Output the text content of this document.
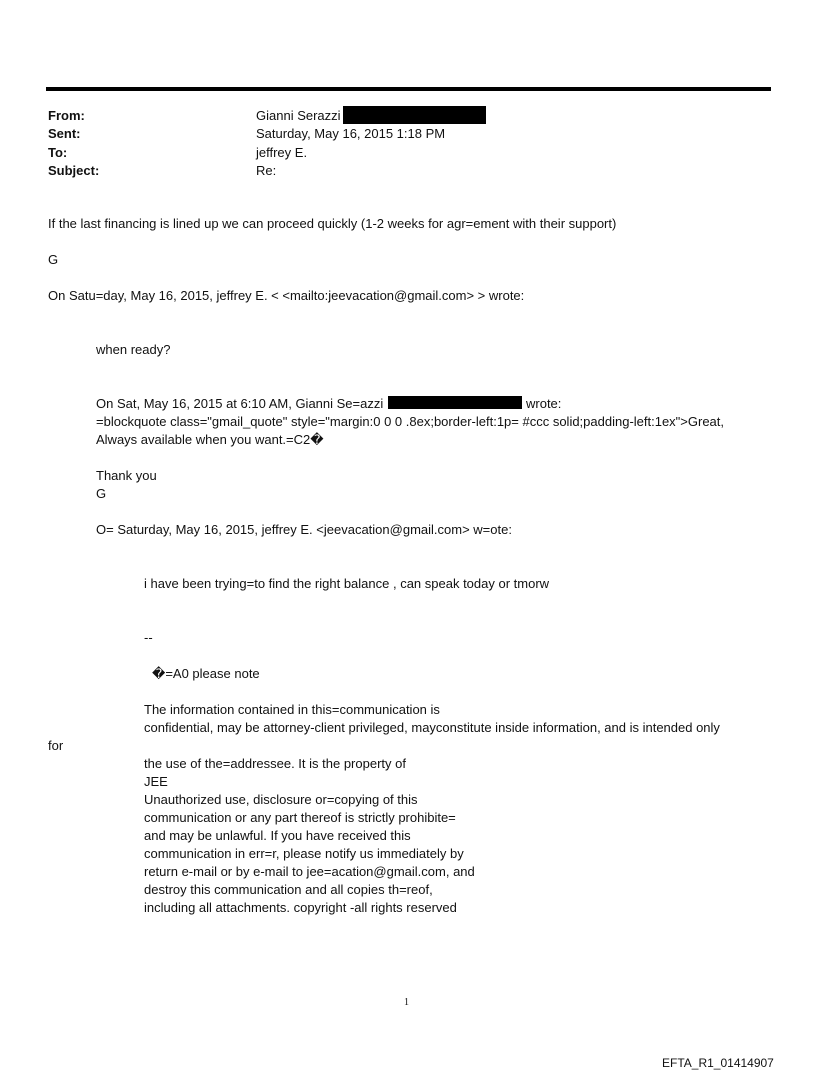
From:	Gianni Serazzi
Sent:	Saturday, May 16, 2015 1:18 PM
To:	jeffrey E.
Subject:	Re:
If the last financing is lined up we can proceed quickly (1-2 weeks for agr=ement with their support)
G
On Satu=day, May 16, 2015, jeffrey E. < <mailto:jeevacation@gmail.com> > wrote:
when ready?
On Sat, May 16, 2015 at 6:10 AM, Gianni Se=azzi	wrote:
=blockquote class="gmail_quote" style="margin:0 0 0 .8ex;border-left:1p= #ccc solid;padding-left:1ex">Great,
Always available when you want.=C2�
Thank you
G
O= Saturday, May 16, 2015, jeffrey E. <jeevacation@gmail.com> w=ote:
i have been trying=to find the right balance , can speak today or tmorw
--
�=A0 please note
The information contained in this=communication is
confidential, may be attorney-client privileged, mayconstitute inside information, and is intended only
for
the use of the=addressee. It is the property of
JEE
Unauthorized use, disclosure or=copying of this
communication or any part thereof is strictly prohibite=
and may be unlawful. If you have received this
communication in err=r, please notify us immediately by
return e-mail or by e-mail to jee=acation@gmail.com, and
destroy this communication and all copies th=reof,
including all attachments. copyright -all rights reserved
1
EFTA_R1_01414907
